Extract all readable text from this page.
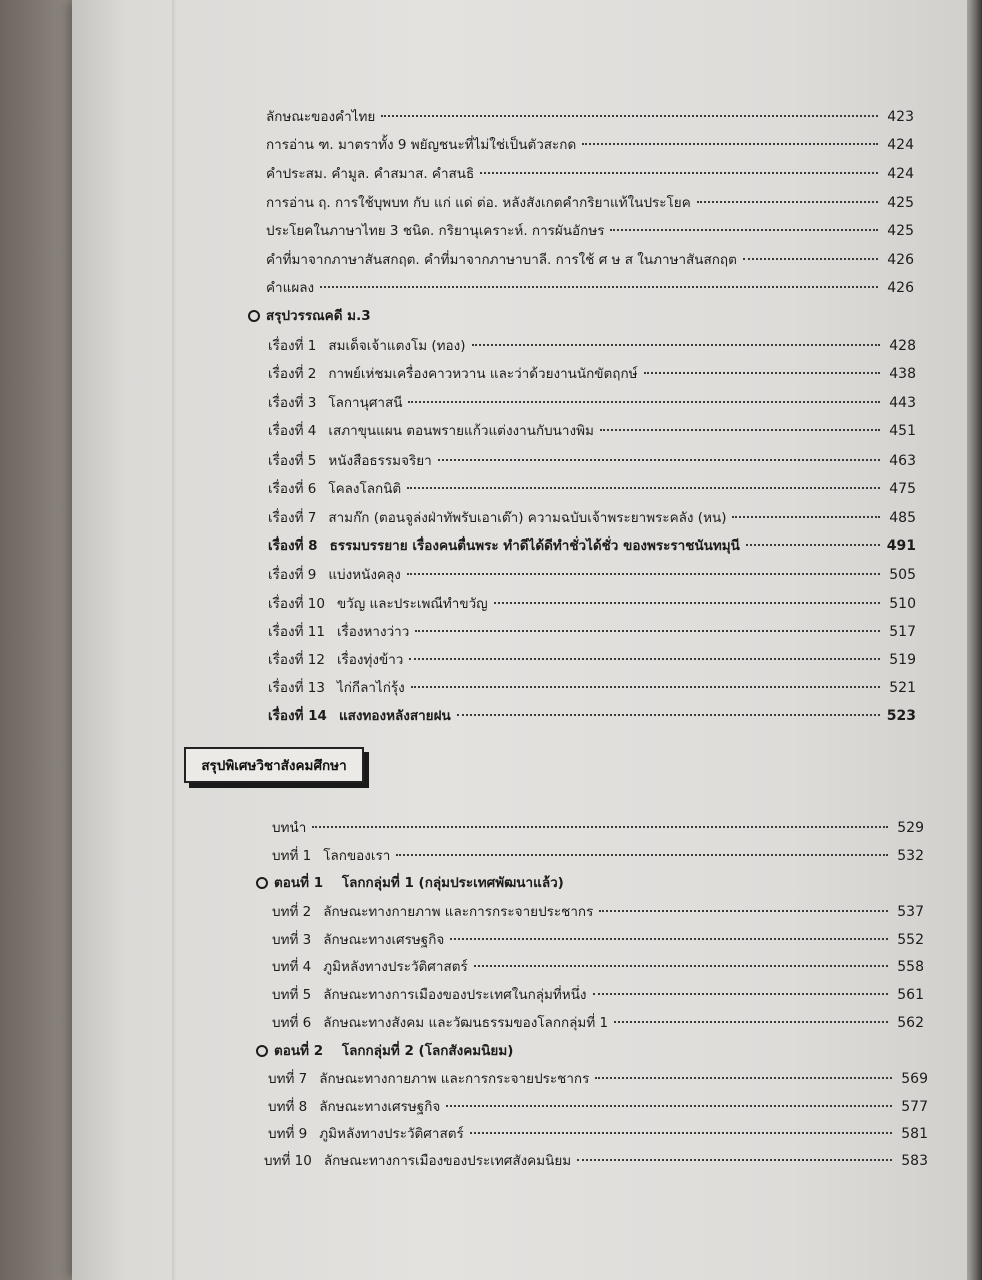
ลักษณะของคำไทย	423
การอ่าน ฑ. มาตราทั้ง 9 พยัญชนะที่ไม่ใช่เป็นตัวสะกด	424
คำประสม. คำมูล. คำสมาส. คำสนธิ	424
การอ่าน ฤ. การใช้บุพบท กับ แก่ แด่ ต่อ. หลังสังเกตคำกริยาแท้ในประโยค	425
ประโยคในภาษาไทย 3 ชนิด. กริยานุเคราะห์. การผันอักษร	425
คำที่มาจากภาษาสันสกฤต. คำที่มาจากภาษาบาลี. การใช้ ศ ษ ส ในภาษาสันสกฤต	426
คำแผลง	426
สรุปวรรณคดี ม.3
เรื่องที่ 1 สมเด็จเจ้าแตงโม (ทอง)	428
เรื่องที่ 2 กาพย์เห่ชมเครื่องคาวหวาน และว่าด้วยงานนักขัตฤกษ์	438
เรื่องที่ 3 โลกานุศาสนี	443
เรื่องที่ 4 เสภาขุนแผน ตอนพรายแก้วแต่งงานกับนางพิม	451
เรื่องที่ 5 หนังสือธรรมจริยา	463
เรื่องที่ 6 โคลงโลกนิติ	475
เรื่องที่ 7 สามก๊ก (ตอนจูล่งฝ่าทัพรับเอาเต๊า) ความฉบับเจ้าพระยาพระคลัง (หน)	485
เรื่องที่ 8 ธรรมบรรยาย เรื่องคนตื่นพระ ทำดีได้ดีทำชั่วได้ชั่ว ของพระราชนันทมุนี	491
เรื่องที่ 9 แบ่งหนังคลุง	505
เรื่องที่ 10 ขวัญ และประเพณีทำขวัญ	510
เรื่องที่ 11 เรื่องหางว่าว	517
เรื่องที่ 12 เรื่องทุ่งข้าว	519
เรื่องที่ 13 ไก่กีลาไก่รุ้ง	521
เรื่องที่ 14 แสงทองหลังสายฝน	523
สรุปพิเศษวิชาสังคมศึกษา
บทนำ	529
บทที่ 1 โลกของเรา	532
ตอนที่ 1 โลกกลุ่มที่ 1 (กลุ่มประเทศพัฒนาแล้ว)
บทที่ 2 ลักษณะทางกายภาพ และการกระจายประชากร	537
บทที่ 3 ลักษณะทางเศรษฐกิจ	552
บทที่ 4 ภูมิหลังทางประวัติศาสตร์	558
บทที่ 5 ลักษณะทางการเมืองของประเทศในกลุ่มที่หนึ่ง	561
บทที่ 6 ลักษณะทางสังคม และวัฒนธรรมของโลกกลุ่มที่ 1	562
ตอนที่ 2 โลกกลุ่มที่ 2 (โลกสังคมนิยม)
บทที่ 7 ลักษณะทางกายภาพ และการกระจายประชากร	569
บทที่ 8 ลักษณะทางเศรษฐกิจ	577
บทที่ 9 ภูมิหลังทางประวัติศาสตร์	581
บทที่ 10 ลักษณะทางการเมืองของประเทศสังคมนิยม	583
